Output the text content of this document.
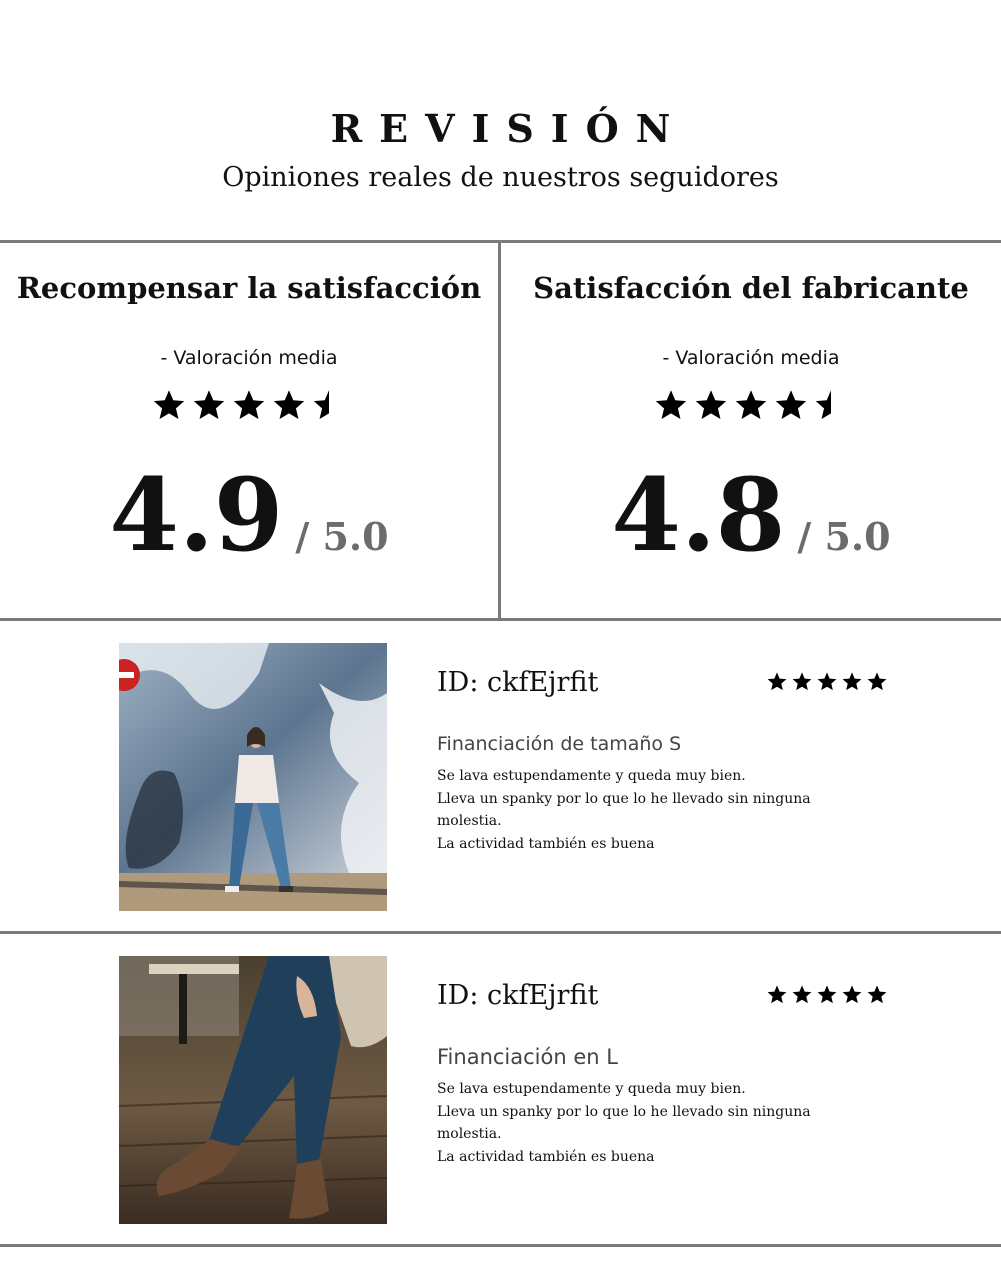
REVISIÓN
Opiniones reales de nuestros seguidores
Recompensar la satisfacción
- Valoración media
4.9 / 5.0
Satisfacción del fabricante
- Valoración media
4.8 / 5.0
ID: ckfEjrfit
Financiación de tamaño S

Se lava estupendamente y queda muy bien.

Lleva un spanky por lo que lo he llevado sin ninguna

molestia.

La actividad también es buena

ID: ckfEjrfit
Financiación en L

Se lava estupendamente y queda muy bien.

Lleva un spanky por lo que lo he llevado sin ninguna

molestia.

La actividad también es buena
